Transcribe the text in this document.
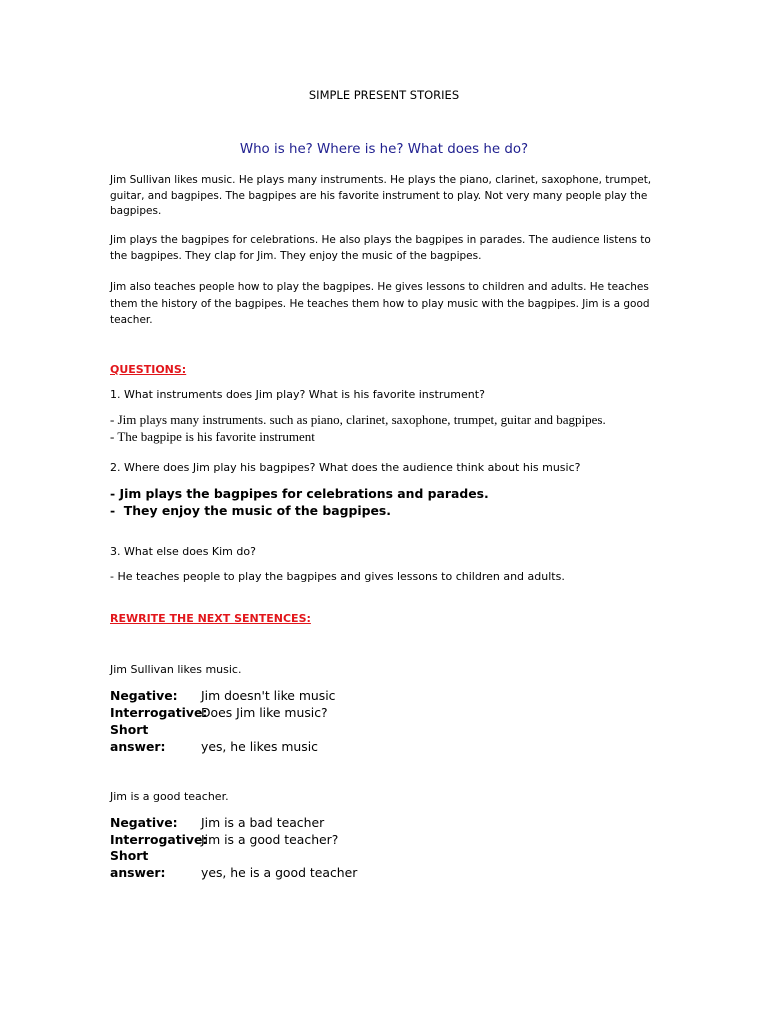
SIMPLE PRESENT STORIES
Who is he? Where is he? What does he do?
Jim Sullivan likes music. He plays many instruments. He plays the piano, clarinet, saxophone, trumpet, guitar, and bagpipes. The bagpipes are his favorite instrument to play. Not very many people play the bagpipes.
Jim plays the bagpipes for celebrations. He also plays the bagpipes in parades. The audience listens to the bagpipes. They clap for Jim. They enjoy the music of the bagpipes.
Jim also teaches people how to play the bagpipes. He gives lessons to children and adults. He teaches them the history of the bagpipes. He teaches them how to play music with the bagpipes. Jim is a good teacher.
QUESTIONS:
1. What instruments does Jim play? What is his favorite instrument?
- Jim plays many instruments. such as piano, clarinet, saxophone, trumpet, guitar and bagpipes.
- The bagpipe is his favorite instrument
2. Where does Jim play his bagpipes? What does the audience think about his music?
- Jim plays the bagpipes for celebrations and parades.
-  They enjoy the music of the bagpipes.
3. What else does Kim do?
- He teaches people to play the bagpipes and gives lessons to children and adults.
REWRITE THE NEXT SENTENCES:
Jim Sullivan likes music.
Negative: Jim doesn't like music
Interrogative:Does Jim like music?
Short answer:	yes, he likes music
Jim is a good teacher.
Negative: Jim is a bad teacher
Interrogative:Jim is a good teacher?
Short answer:	yes, he is a good teacher
